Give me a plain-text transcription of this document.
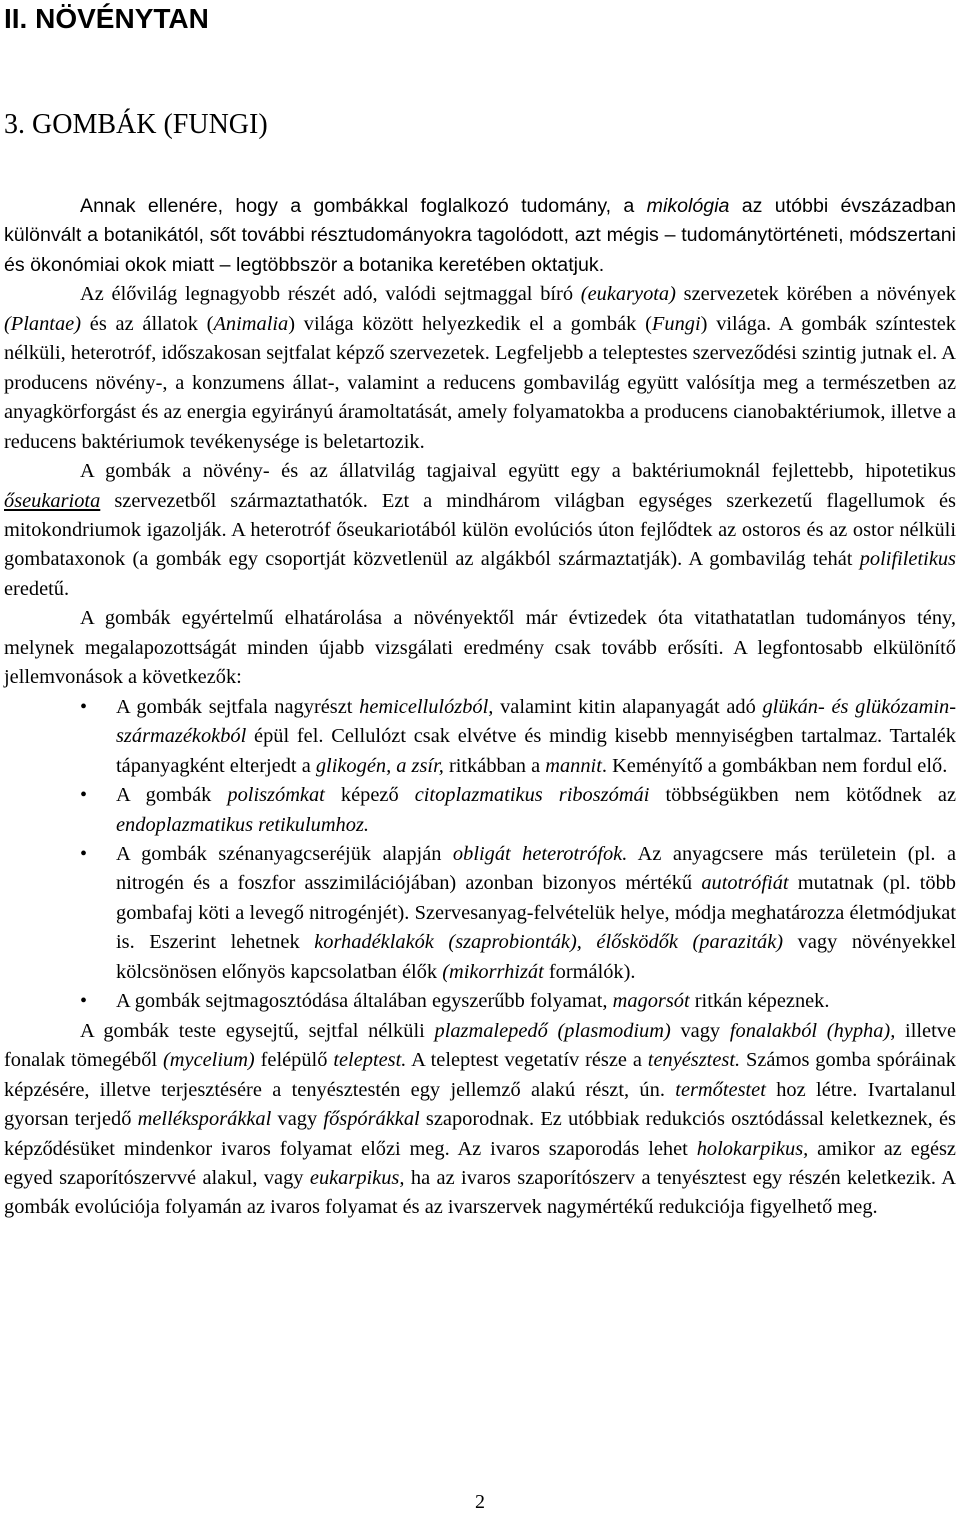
II. NÖVÉNYTAN
3. GOMBÁK (FUNGI)

Annak ellenére, hogy a gombákkal foglalkozó tudomány, a mikológia az utóbbi évszázadban különvált a botanikától, sőt további résztudományokra tagolódott, azt mégis – tudománytörténeti, módszertani és ökonómiai okok miatt – legtöbbször a botanika keretében oktatjuk.

Az élővilág legnagyobb részét adó, valódi sejtmaggal bíró (eukaryota) szervezetek körében a növények (Plantae) és az állatok (Animalia) világa között helyezkedik el a gombák (Fungi) világa. A gombák színtestek nélküli, heterotróf, időszakosan sejtfalat képző szervezetek. Legfeljebb a teleptestes szerveződési szintig jutnak el. A producens növény-, a konzumens állat-, valamint a reducens gombavilág együtt valósítja meg a természetben az anyagkörforgást és az energia egyirányú áramoltatását, amely folyamatokba a producens cianobaktériumok, illetve a reducens baktériumok tevékenysége is beletartozik.

A gombák a növény- és az állatvilág tagjaival együtt egy a baktériumoknál fejlettebb, hipotetikus őseukariota szervezetből származtathatók. Ezt a mindhárom világban egységes szerkezetű flagellumok és mitokondriumok igazolják. A heterotróf őseukariotából külön evolúciós úton fejlődtek az ostoros és az ostor nélküli gombataxonok (a gombák egy csoportját közvetlenül az algákból származtatják). A gombavilág tehát polifiletikus eredetű.

A gombák egyértelmű elhatárolása a növényektől már évtizedek óta vitathatatlan tudományos tény, melynek megalapozottságát minden újabb vizsgálati eredmény csak tovább erősíti. A legfontosabb elkülönítő jellemvonások a következők:

• A gombák sejtfala nagyrészt hemicellulózból, valamint kitin alapanyagát adó glükán- és glükózamin-származékokból épül fel. Cellulózt csak elvétve és mindig kisebb mennyiségben tartalmaz. Tartalék tápanyagként elterjedt a glikogén, a zsír, ritkábban a mannit. Keményítő a gombákban nem fordul elő.
• A gombák poliszómkat képező citoplazmatikus riboszómái többségükben nem kötődnek az endoplazmatikus retikulumhoz.
• A gombák szénanyagcseréjük alapján obligát heterotrófok. Az anyagcsere más területein (pl. a nitrogén és a foszfor asszimilációjában) azonban bizonyos mértékű autotrófiát mutatnak (pl. több gombafaj köti a levegő nitrogénjét). Szervesanyag-felvételük helye, módja meghatározza életmódjukat is. Eszerint lehetnek korhadéklakók (szaprobionták), élősködők (paraziták) vagy növényekkel kölcsönösen előnyös kapcsolatban élők (mikorrhizát formálók).
• A gombák sejtmagosztódása általában egyszerűbb folyamat, magorsót ritkán képeznek.

A gombák teste egysejtű, sejtfal nélküli plazmalepedő (plasmodium) vagy fonalakból (hypha), illetve fonalak tömegéből (mycelium) felépülő teleptest. A teleptest vegetatív része a tenyésztest. Számos gomba spóráinak képzésére, illetve terjesztésére a tenyésztestén egy jellemző alakú részt, ún. termőtestet hoz létre. Ivartalanul gyorsan terjedő melléksporákkal vagy főspórákkal szaporodnak. Ez utóbbiak redukciós osztódással keletkeznek, és képződésüket mindenkor ivaros folyamat előzi meg. Az ivaros szaporodás lehet holokarpikus, amikor az egész egyed szaporítószervvé alakul, vagy eukarpikus, ha az ivaros szaporítószerv a tenyésztest egy részén keletkezik. A gombák evolúciója folyamán az ivaros folyamat és az ivarszervek nagymértékű redukciója figyelhető meg.

2
